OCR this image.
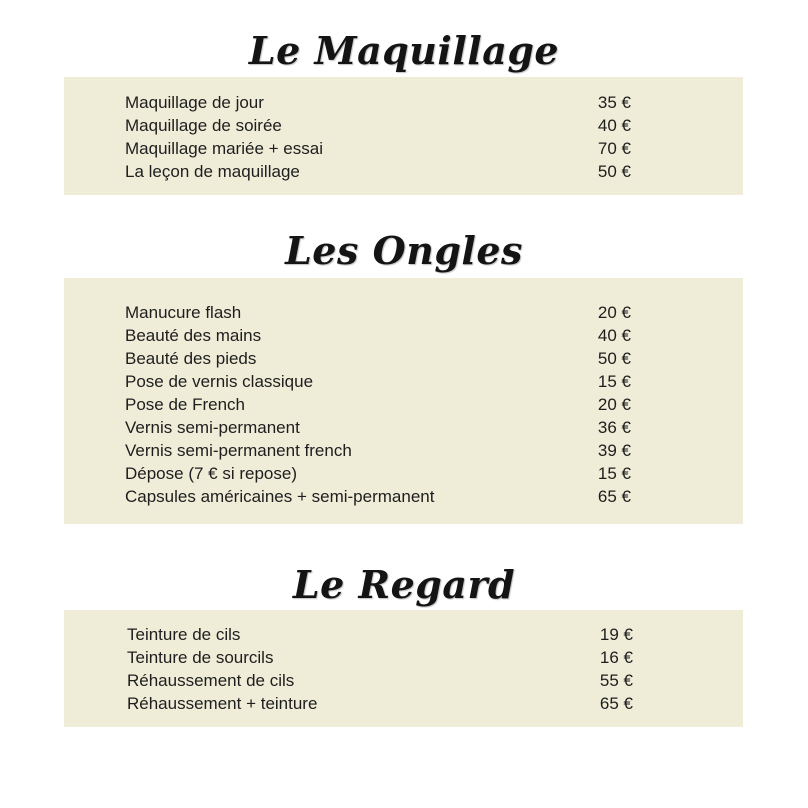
Le Maquillage
Maquillage de jour	35 €
Maquillage de soirée	40 €
Maquillage mariée + essai	70 €
La leçon de maquillage	50 €
Les Ongles
Manucure flash	20 €
Beauté des mains	40 €
Beauté des pieds	50 €
Pose de vernis classique	15 €
Pose de French	20 €
Vernis semi-permanent	36 €
Vernis semi-permanent french	39 €
Dépose (7 € si repose)	15 €
Capsules américaines + semi-permanent	65 €
Le Regard
Teinture de cils	19 €
Teinture de sourcils	16 €
Réhaussement de cils	55 €
Réhaussement + teinture	65 €
